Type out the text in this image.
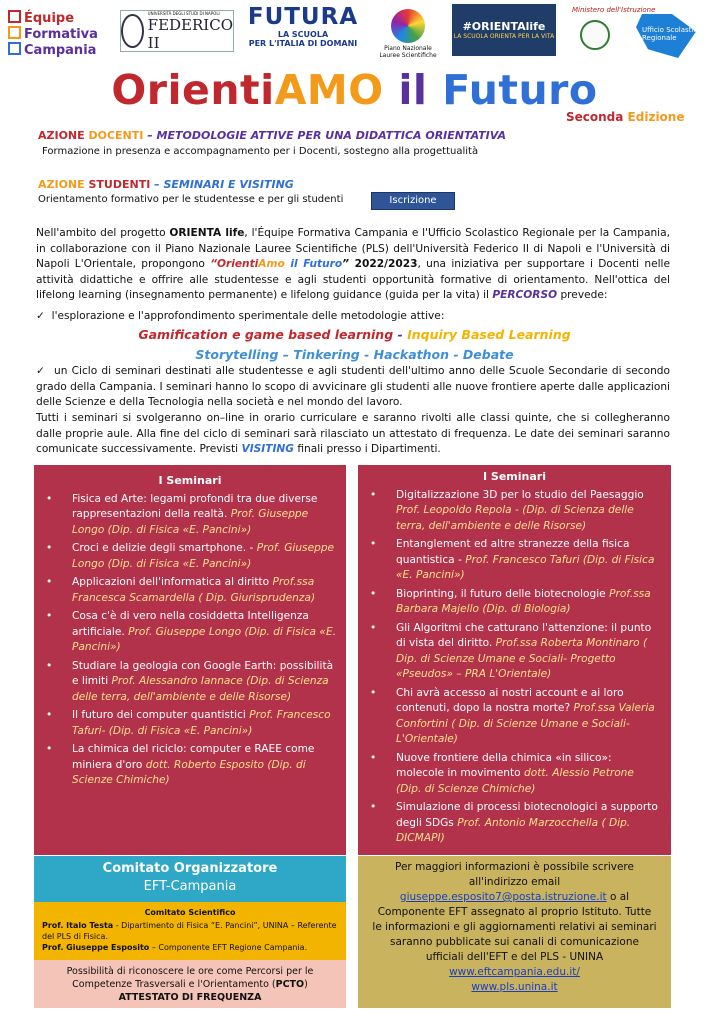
Équipe
Formativa
Campania
UNIVERSITÀ DEGLI STUDI DI NAPOLI
FEDERICO II
FUTURA
LA SCUOLA
PER L'ITALIA DI DOMANI
Piano Nazionale Lauree Scientifiche
#ORIENTAlife
LA SCUOLA ORIENTA PER LA VITA
Ministero dell'Istruzione
Ufficio Scolastico Regionale
OrientiAMO il Futuro
Seconda Edizione
AZIONE DOCENTI – METODOLOGIE ATTIVE PER UNA DIDATTICA ORIENTATIVA
Formazione in presenza e accompagnamento per i Docenti, sostegno alla progettualità
AZIONE STUDENTI – SEMINARI E VISITING
Orientamento formativo per le studentesse e per gli studenti	Iscrizione
Nell'ambito del progetto ORIENTA life, l'Équipe Formativa Campania e l'Ufficio Scolastico Regionale per la Campania, in collaborazione con il Piano Nazionale Lauree Scientifiche (PLS) dell'Università Federico II di Napoli e l'Università di Napoli L'Orientale, propongono “OrientiAmo il Futuro” 2022/2023, una iniziativa per supportare i Docenti nelle attività didattiche e offrire alle studentesse e agli studenti opportunità formative di orientamento. Nell'ottica del lifelong learning (insegnamento permanente) e lifelong guidance (guida per la vita) il PERCORSO prevede:
✓  l'esplorazione e l'approfondimento sperimentale delle metodologie attive:
Gamification e game based learning - Inquiry Based Learning
Storytelling – Tinkering - Hackathon - Debate
✓  un Ciclo di seminari destinati alle studentesse e agli studenti dell'ultimo anno delle Scuole Secondarie di secondo grado della Campania. I seminari hanno lo scopo di avvicinare gli studenti alle nuove frontiere aperte dalle applicazioni delle Scienze e della Tecnologia nella società e nel mondo del lavoro.
Tutti i seminari si svolgeranno on–line in orario curriculare e saranno rivolti alle classi quinte, che si collegheranno dalle proprie aule. Alla fine del ciclo di seminari sarà rilasciato un attestato di frequenza. Le date dei seminari saranno comunicate successivamente. Previsti VISITING finali presso i Dipartimenti.
I Seminari
• Fisica ed Arte: legami profondi tra due diverse rappresentazioni della realtà. Prof. Giuseppe Longo (Dip. di Fisica «E. Pancini»)
• Croci e delizie degli smartphone. - Prof. Giuseppe Longo (Dip. di Fisica «E. Pancini»)
• Applicazioni dell'informatica al diritto Prof.ssa Francesca Scamardella ( Dip. Giurisprudenza)
• Cosa c'è di vero nella cosiddetta Intelligenza artificiale. Prof. Giuseppe Longo (Dip. di Fisica «E. Pancini»)
• Studiare la geologia con Google Earth: possibilità e limiti Prof. Alessandro Iannace (Dip. di Scienza delle terra, dell'ambiente e delle Risorse)
• Il futuro dei computer quantistici Prof. Francesco Tafuri- (Dip. di Fisica «E. Pancini»)
• La chimica del riciclo: computer e RAEE come miniera d'oro dott. Roberto Esposito (Dip. di Scienze Chimiche)
I Seminari
• Digitalizzazione 3D per lo studio del Paesaggio Prof. Leopoldo Repola - (Dip. di Scienza delle terra, dell'ambiente e delle Risorse)
• Entanglement ed altre stranezze della fisica quantistica - Prof. Francesco Tafuri (Dip. di Fisica «E. Pancini»)
• Bioprinting, il futuro delle biotecnologie Prof.ssa Barbara Majello (Dip. di Biologia)
• Gli Algoritmi che catturano l'attenzione: il punto di vista del diritto. Prof.ssa Roberta Montinaro ( Dip. di Scienze Umane e Sociali- Progetto «Pseudos» – PRA L'Orientale)
• Chi avrà accesso ai nostri account e ai loro contenuti, dopo la nostra morte? Prof.ssa Valeria Confortini ( Dip. di Scienze Umane e Sociali- L'Orientale)
• Nuove frontiere della chimica «in silico»: molecole in movimento dott. Alessio Petrone (Dip. di Scienze Chimiche)
• Simulazione di processi biotecnologici a supporto degli SDGs Prof. Antonio Marzocchella ( Dip. DICMAPI)
Comitato Organizzatore
EFT-Campania
Comitato Scientifico
Prof. Italo Testa - Dipartimento di Fisica “E. Pancini”, UNINA – Referente del PLS di Fisica.
Prof. Giuseppe Esposito – Componente EFT Regione Campania.
Possibilità di riconoscere le ore come Percorsi per le Competenze Trasversali e l'Orientamento (PCTO)
ATTESTATO DI FREQUENZA
Per maggiori informazioni è possibile scrivere all'indirizzo email
giuseppe.esposito7@posta.istruzione.it o al Componente EFT assegnato al proprio Istituto. Tutte le informazioni e gli aggiornamenti relativi ai seminari saranno pubblicate sui canali di comunicazione ufficiali dell'EFT e del PLS - UNINA
www.eftcampania.edu.it/
www.pls.unina.it
